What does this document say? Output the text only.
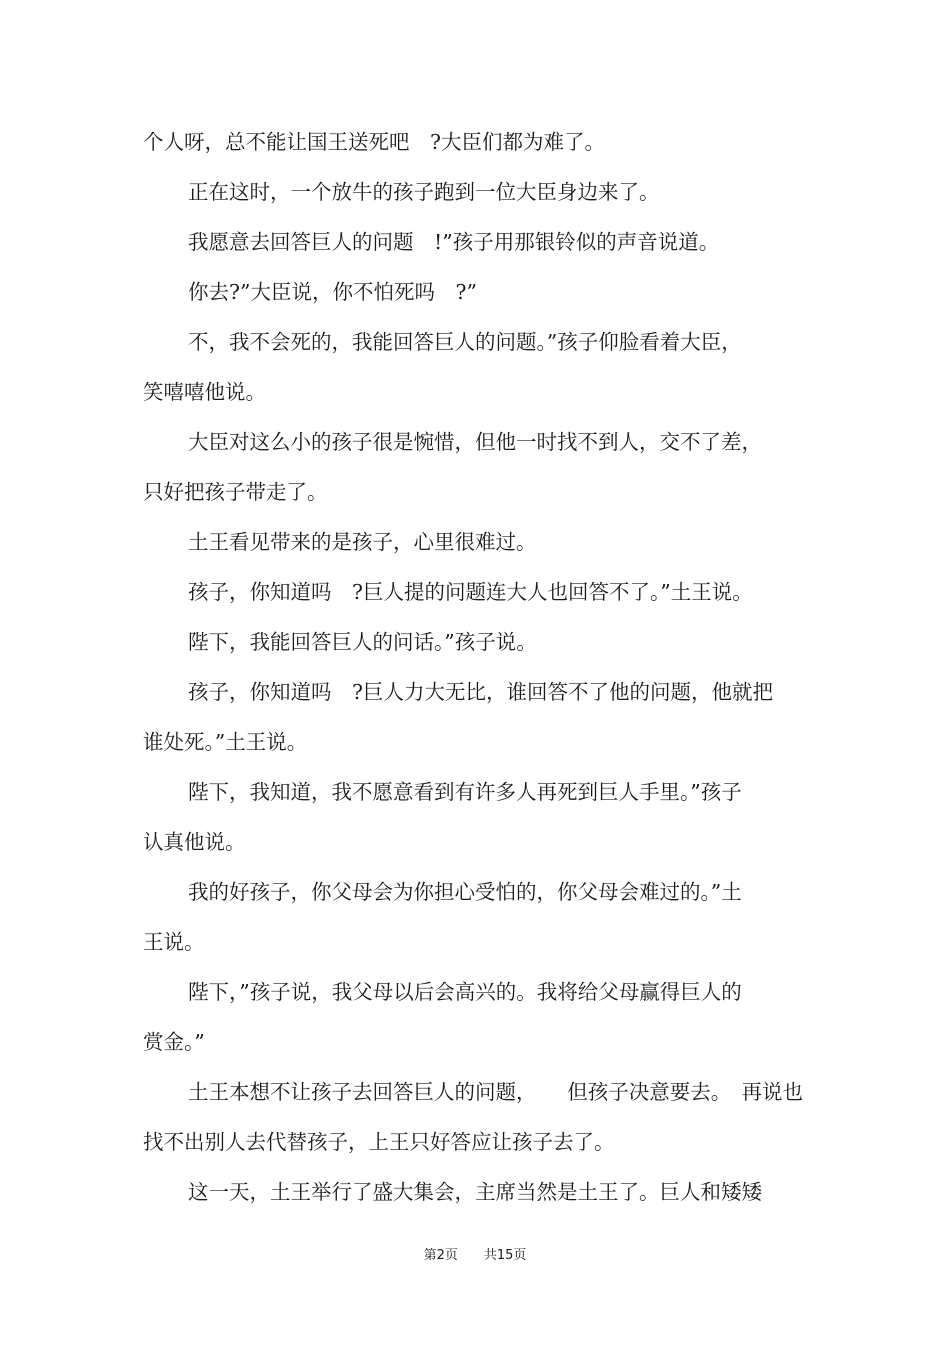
个人呀，总不能让国王送死吧　?大臣们都为难了。
正在这时，一个放牛的孩子跑到一位大臣身边来了。
我愿意去回答巨人的问题　!”孩子用那银铃似的声音说道。
你去?”大臣说，你不怕死吗　?”
不，我不会死的，我能回答巨人的问题。”孩子仰脸看着大臣，
笑嘻嘻他说。
大臣对这么小的孩子很是惋惜，但他一时找不到人，交不了差，
只好把孩子带走了。
土王看见带来的是孩子，心里很难过。
孩子，你知道吗　?巨人提的问题连大人也回答不了。”土王说。
陛下，我能回答巨人的问话。”孩子说。
孩子，你知道吗　?巨人力大无比，谁回答不了他的问题，他就把
谁处死。”土王说。
陛下，我知道，我不愿意看到有许多人再死到巨人手里。”孩子
认真他说。
我的好孩子，你父母会为你担心受怕的，你父母会难过的。”土
王说。
陛下，”孩子说，我父母以后会高兴的。我将给父母赢得巨人的
赏金。”
土王本想不让孩子去回答巨人的问题，　　但孩子决意要去。　再说也
找不出别人去代替孩子，上王只好答应让孩子去了。
这一天，土王举行了盛大集会，主席当然是土王了。巨人和矮矮
第2页　　共15页
